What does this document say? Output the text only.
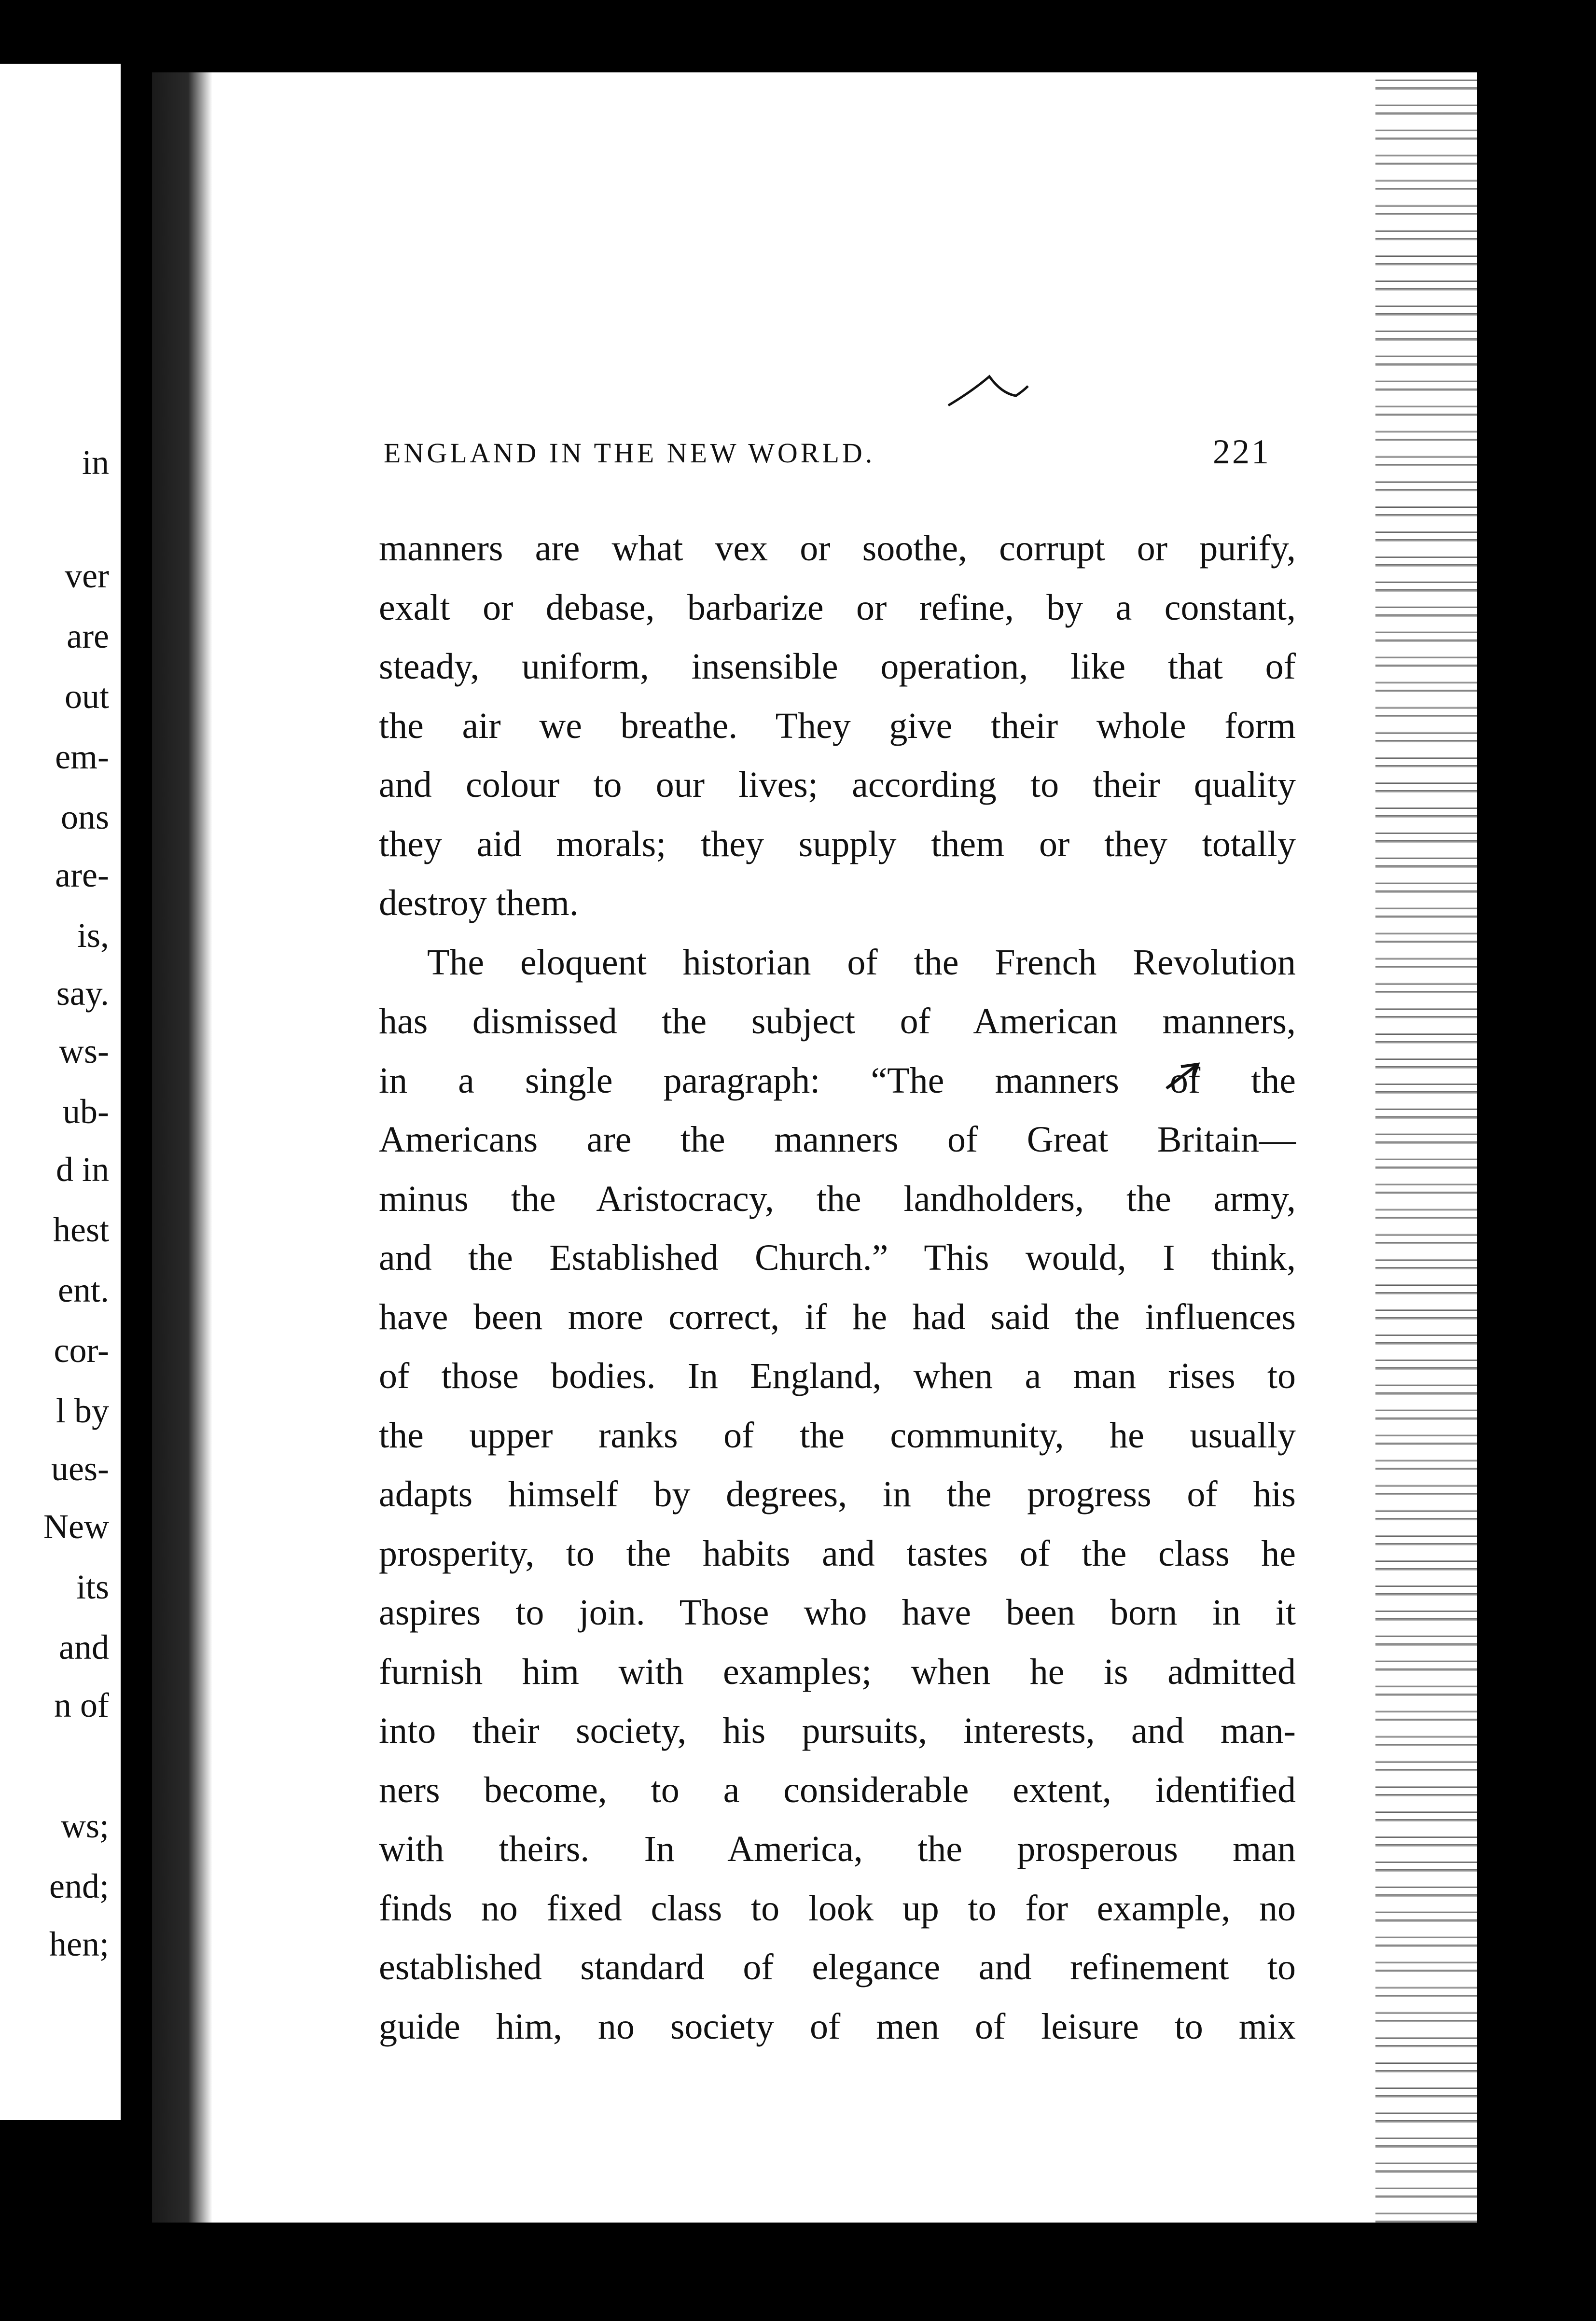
in
ver
are
out
em-
ons
are-
is,
say.
ws-
ub-
d in
hest
ent.
cor-
l by
ues-
New
its
and
n of
ws;
end;
hen;
ENGLAND IN THE NEW WORLD.	221
manners are what vex or soothe, corrupt or purify,
exalt or debase, barbarize or refine, by a constant,
steady, uniform, insensible operation, like that of
the air we breathe. They give their whole form
and colour to our lives; according to their quality
they aid morals; they supply them or they totally
destroy them.
The eloquent historian of the French Revolution
has dismissed the subject of American manners,
in a single paragraph: “The manners of the
Americans are the manners of Great Britain—
minus the Aristocracy, the landholders, the army,
and the Established Church.” This would, I think,
have been more correct, if he had said the influences
of those bodies. In England, when a man rises to
the upper ranks of the community, he usually
adapts himself by degrees, in the progress of his
prosperity, to the habits and tastes of the class he
aspires to join. Those who have been born in it
furnish him with examples; when he is admitted
into their society, his pursuits, interests, and man-
ners become, to a considerable extent, identified
with theirs. In America, the prosperous man
finds no fixed class to look up to for example, no
established standard of elegance and refinement to
guide him, no society of men of leisure to mix
